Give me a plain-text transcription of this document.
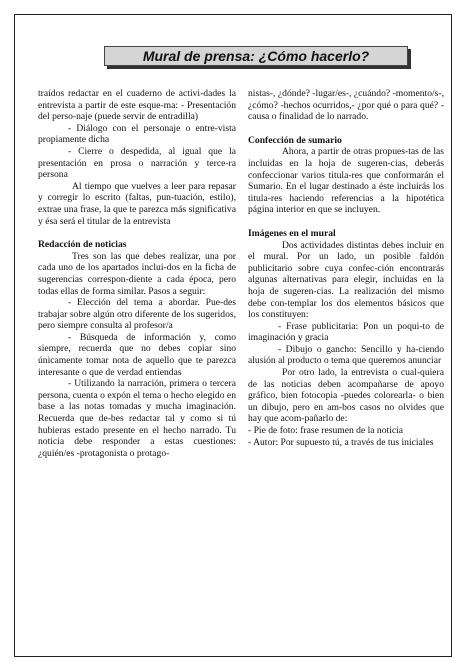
Mural de prensa: ¿Cómo hacerlo?

traídos redactar en el cuaderno de activi-dades la entrevista a partir de este esque-ma: - Presentación del perso-naje (puede servir de entradilla)

- Diálogo con el personaje o entre-vista propiamente dicha

- Cierre o despedida, al igual que la presentación en prosa o narración y terce-ra persona

Al tiempo que vuelves a leer para repasar y corregir lo escrito (faltas, pun-tuación, estilo), extrae una frase, la que te parezca más significativa y ésa será el titular de la entrevista

Redacción de noticias

Tres son las que debes realizar, una por cada uno de los apartados inclui-dos en la ficha de sugerencias correspon-diente a cada época, pero todas ellas de forma similar. Pasos a seguir:

- Elección del tema a abordar. Pue-des trabajar sobre algún otro diferente de los sugeridos, pero siempre consulta al profesor/a

- Búsqueda de información y, como siempre, recuerda que no debes copiar sino únicamente tomar nota de aquello que te parezca interesante o que de verdad entiendas

- Utilizando la narración, primera o tercera persona, cuenta o expón el tema o hecho elegido en base a las notas tomadas y mucha imaginación. Recuerda que de-bes redactar tal y como si tú hubieras estado presente en el hecho narrado. Tu noticia debe responder a estas cuestiones: ¿quién/es -protagonista o protago-

nistas-, ¿dónde? -lugar/es-, ¿cuándo? -momento/s-, ¿cómo? -hechos ocurridos,- ¿por qué o para qué? -causa o finalidad de lo narrado.

Confección de sumario

Ahora, a partir de otras propues-tas de las incluidas en la hoja de sugeren-cias, deberás confeccionar varios titula-res que conformarán el Sumario. En el lugar destinado a éste incluirás los titula-res haciendo referencias a la hipotética página interior en que se incluyen.

Imágenes en el mural

Dos actividades distintas debes incluir en el mural. Por un lado, un posible faldón publicitario sobre cuya confec-ción encontrarás algunas alternativas para elegir, incluidas en la hoja de sugeren-cias. La realización del mismo debe con-templar los dos elementos básicos que los constituyen:

- Frase publicitaria: Pon un poqui-to de imaginación y gracia

- Dibujo o gancho: Sencillo y ha-ciendo alusión al producto o tema que queremos anunciar

Por otro lado, la entrevista o cual-quiera de las noticias deben acompañarse de apoyo gráfico, bien fotocopia -puedes colorearla- o bien un dibujo, pero en am-bos casos no olvides que hay que acom-pañarlo de:

- Pie de foto: frase resumen de la noticia

- Autor: Por supuesto tú, a través de tus iniciales
